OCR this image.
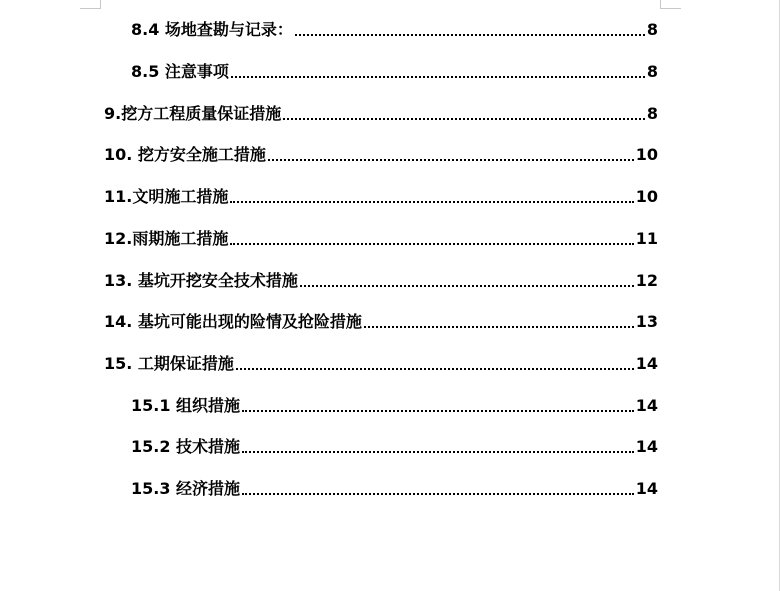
8.4 场地查勘与记录：	8
8.5 注意事项	8
9.挖方工程质量保证措施	8
10. 挖方安全施工措施	10
11.文明施工措施	10
12.雨期施工措施	11
13. 基坑开挖安全技术措施	12
14. 基坑可能出现的险情及抢险措施	13
15. 工期保证措施	14
15.1 组织措施	14
15.2 技术措施	14
15.3 经济措施	14
